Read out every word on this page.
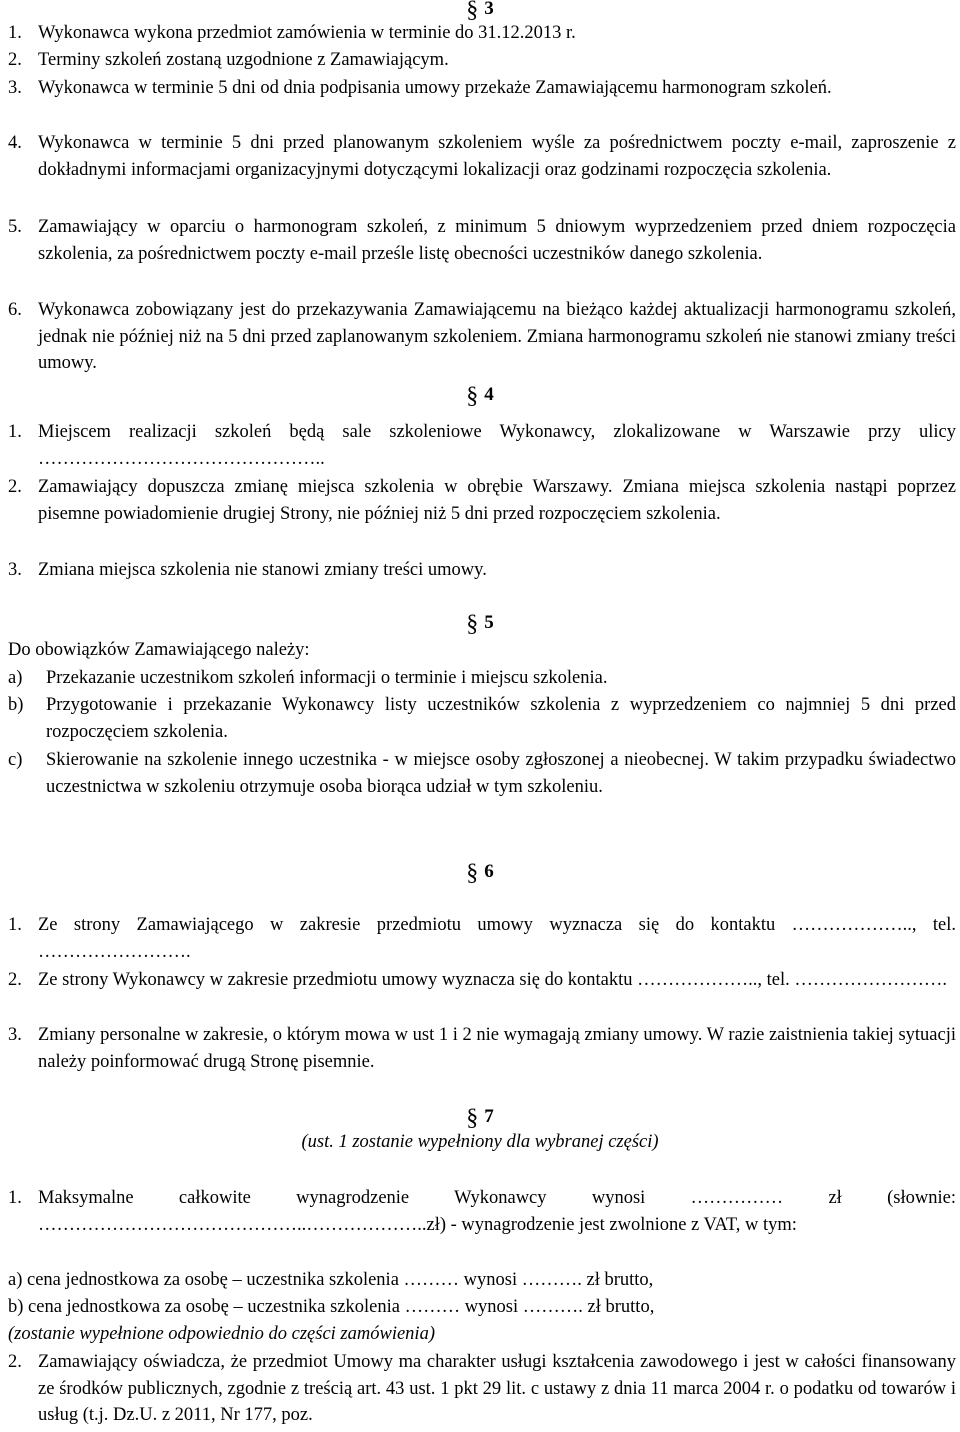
§ 3
1. Wykonawca wykona przedmiot zamówienia w terminie do 31.12.2013 r.
2. Terminy szkoleń zostaną uzgodnione z Zamawiającym.
3. Wykonawca w terminie 5 dni od dnia podpisania umowy przekaże Zamawiającemu harmonogram szkoleń.
4. Wykonawca w terminie 5 dni przed planowanym szkoleniem wyśle za pośrednictwem poczty e-mail, zaproszenie z dokładnymi informacjami organizacyjnymi dotyczącymi lokalizacji oraz godzinami rozpoczęcia szkolenia.
5. Zamawiający w oparciu o harmonogram szkoleń, z minimum 5 dniowym wyprzedzeniem przed dniem rozpoczęcia szkolenia, za pośrednictwem poczty e-mail prześle listę obecności uczestników danego szkolenia.
6. Wykonawca zobowiązany jest do przekazywania Zamawiającemu na bieżąco każdej aktualizacji harmonogramu szkoleń, jednak nie później niż na 5 dni przed zaplanowanym szkoleniem. Zmiana harmonogramu szkoleń nie stanowi zmiany treści umowy.
§ 4
1. Miejscem realizacji szkoleń będą sale szkoleniowe Wykonawcy, zlokalizowane w Warszawie przy ulicy ………………………………………..
2. Zamawiający dopuszcza zmianę miejsca szkolenia w obrębie Warszawy. Zmiana miejsca szkolenia nastąpi poprzez pisemne powiadomienie drugiej Strony, nie później niż 5 dni przed rozpoczęciem szkolenia.
3. Zmiana miejsca szkolenia nie stanowi zmiany treści umowy.
§ 5
Do obowiązków Zamawiającego należy:
a)	Przekazanie uczestnikom szkoleń informacji o terminie i miejscu szkolenia.
b)	Przygotowanie i przekazanie Wykonawcy listy uczestników szkolenia z wyprzedzeniem co najmniej 5 dni przed rozpoczęciem szkolenia.
c)	Skierowanie na szkolenie innego uczestnika - w miejsce osoby zgłoszonej a nieobecnej. W takim przypadku świadectwo uczestnictwa w szkoleniu otrzymuje osoba biorąca udział w tym szkoleniu.
§ 6
1. Ze strony Zamawiającego w zakresie przedmiotu umowy wyznacza się do kontaktu ……………….., tel. …………………….
2. Ze strony Wykonawcy w zakresie przedmiotu umowy wyznacza się do kontaktu ……………….., tel. …………………….
3. Zmiany personalne w zakresie, o którym mowa w ust 1 i 2 nie wymagają zmiany umowy. W razie zaistnienia takiej sytuacji należy poinformować drugą Stronę pisemnie.
§ 7
(ust. 1 zostanie wypełniony dla wybranej części)
1. Maksymalne całkowite wynagrodzenie Wykonawcy wynosi …………… zł (słownie: ……………………………………..………………..zł) - wynagrodzenie jest zwolnione z VAT, w tym:
a) cena jednostkowa za osobę – uczestnika szkolenia ……… wynosi ………. zł brutto,
b) cena jednostkowa za osobę – uczestnika szkolenia ……… wynosi ………. zł brutto,
(zostanie wypełnione odpowiednio do części zamówienia)
2. Zamawiający oświadcza, że przedmiot Umowy ma charakter usługi kształcenia zawodowego i jest w całości finansowany ze środków publicznych, zgodnie z treścią art. 43 ust. 1 pkt 29 lit. c ustawy z dnia 11 marca 2004 r. o podatku od towarów i usług (t.j. Dz.U. z 2011, Nr 177, poz.
